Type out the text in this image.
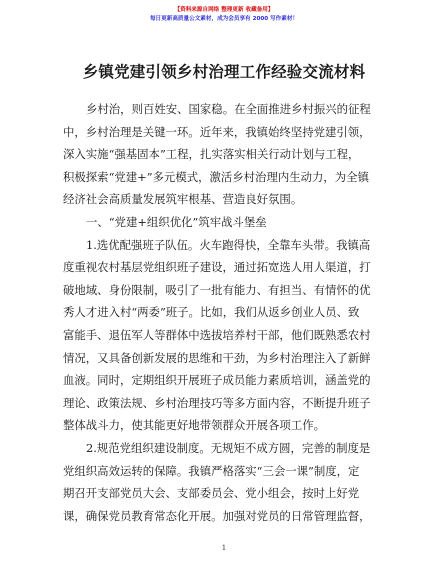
【资料来源自网络 整理更新 收藏备用】
每日更新高质量公文素材，成为会员享有 2000 写作素材！
乡镇党建引领乡村治理工作经验交流材料
乡村治，则百姓安、国家稳。在全面推进乡村振兴的征程
中，乡村治理是关键一环。近年来，我镇始终坚持党建引领，
深入实施“强基固本”工程，扎实落实相关行动计划与工程，
积极探索“党建+”多元模式，激活乡村治理内生动力，为全镇
经济社会高质量发展筑牢根基、营造良好氛围。
一、“党建+组织优化”筑牢战斗堡垒
1.选优配强班子队伍。火车跑得快，全靠车头带。我镇高
度重视农村基层党组织班子建设，通过拓宽选人用人渠道，打
破地域、身份限制，吸引了一批有能力、有担当、有情怀的优
秀人才进入村“两委”班子。比如，我们从返乡创业人员、致
富能手、退伍军人等群体中选拔培养村干部，他们既熟悉农村
情况，又具备创新发展的思维和干劲，为乡村治理注入了新鲜
血液。同时，定期组织开展班子成员能力素质培训，涵盖党的
理论、政策法规、乡村治理技巧等多方面内容，不断提升班子
整体战斗力，使其能更好地带领群众开展各项工作。
2.规范党组织建设制度。无规矩不成方圆，完善的制度是
党组织高效运转的保障。我镇严格落实“三会一课”制度，定
期召开支部党员大会、支部委员会、党小组会，按时上好党
课，确保党员教育常态化开展。加强对党员的日常管理监督，
1
